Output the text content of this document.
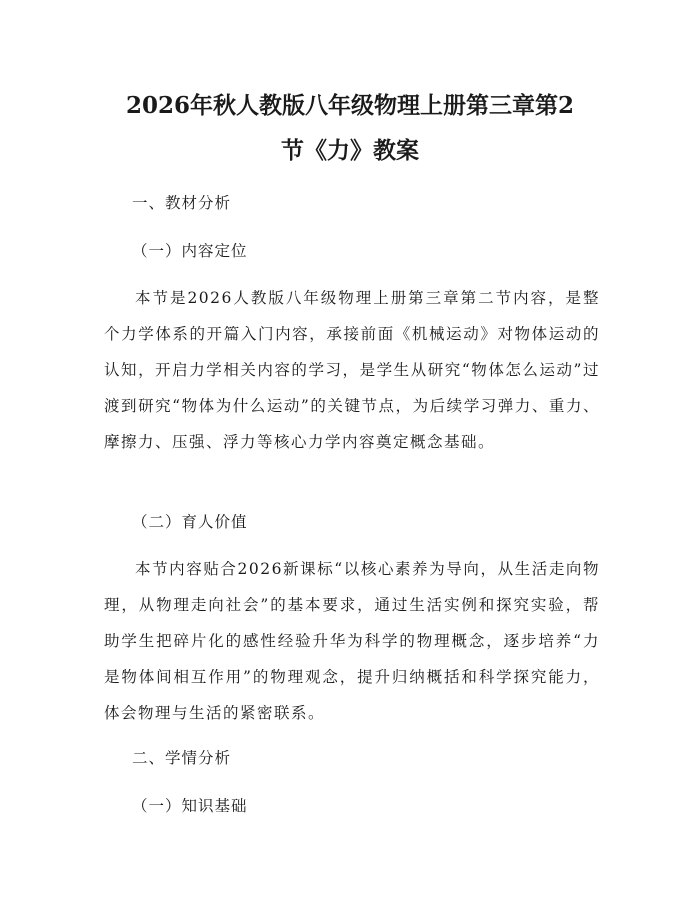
2026年秋人教版八年级物理上册第三章第2
节《力》教案

一、教材分析

（一）内容定位

本节是2026人教版八年级物理上册第三章第二节内容，是整个力学体系的开篇入门内容，承接前面《机械运动》对物体运动的认知，开启力学相关内容的学习，是学生从研究“物体怎么运动”过渡到研究“物体为什么运动”的关键节点，为后续学习弹力、重力、摩擦力、压强、浮力等核心力学内容奠定概念基础。

（二）育人价值

本节内容贴合2026新课标“以核心素养为导向，从生活走向物理，从物理走向社会”的基本要求，通过生活实例和探究实验，帮助学生把碎片化的感性经验升华为科学的物理概念，逐步培养“力是物体间相互作用”的物理观念，提升归纳概括和科学探究能力，体会物理与生活的紧密联系。

二、学情分析

（一）知识基础
